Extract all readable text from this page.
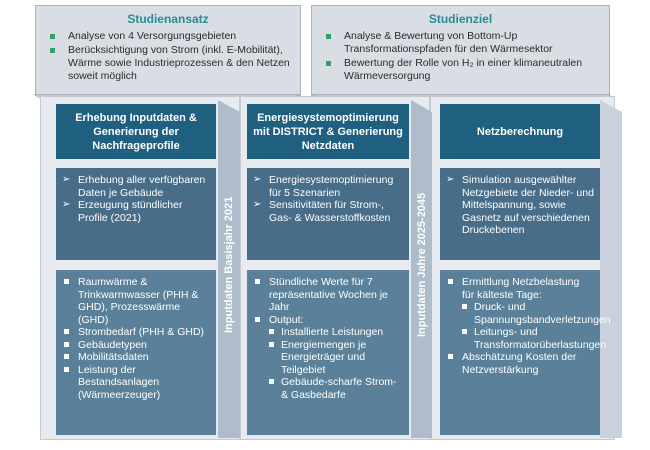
Studienansatz
Analyse von 4 Versorgungsgebieten
Berücksichtigung von Strom (inkl. E-Mobilität), Wärme sowie Industrieprozessen & den Netzen soweit möglich
Studienziel
Analyse & Bewertung von Bottom-Up Transformationspfaden für den Wärmesektor
Bewertung der Rolle von H₂ in einer klimaneutralen Wärmeversorgung
Inputdaten Basisjahr 2021	Inputdaten Jahre 2025-2045
Erhebung Inputdaten & Generierung der Nachfrageprofile
➢ Erhebung aller verfügbaren Daten je Gebäude
➢ Erzeugung stündlicher Profile (2021)
Raumwärme & Trinkwarmwasser (PHH & GHD), Prozesswärme (GHD)
Strombedarf (PHH & GHD)
Gebäudetypen
Mobilitätsdaten
Leistung der Bestandsanlagen (Wärmeerzeuger)
Energiesystemoptimierung mit DISTRICT & Generierung Netzdaten
➢ Energiesystemoptimierung für 5 Szenarien
➢ Sensitivitäten für Strom-, Gas- & Wasserstoffkosten
Stündliche Werte für 7 repräsentative Wochen je Jahr
Output:
Installierte Leistungen
Energiemengen je Energieträger und Teilgebiet
Gebäude-scharfe Strom- & Gasbedarfe
Netzberechnung
➢ Simulation ausgewählter Netzgebiete der Nieder- und Mittelspannung, sowie Gasnetz auf verschiedenen Druckebenen
Ermittlung Netzbelastung für kälteste Tage:
Druck- und Spannungsbandverletzungen
Leitungs- und Transformatorüberlastungen
Abschätzung Kosten der Netzverstärkung
